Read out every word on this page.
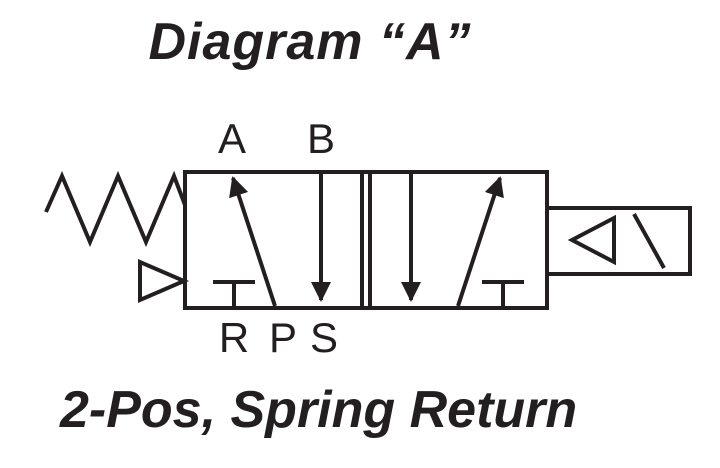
Diagram “A”
A B
R P S
2-Pos, Spring Return
